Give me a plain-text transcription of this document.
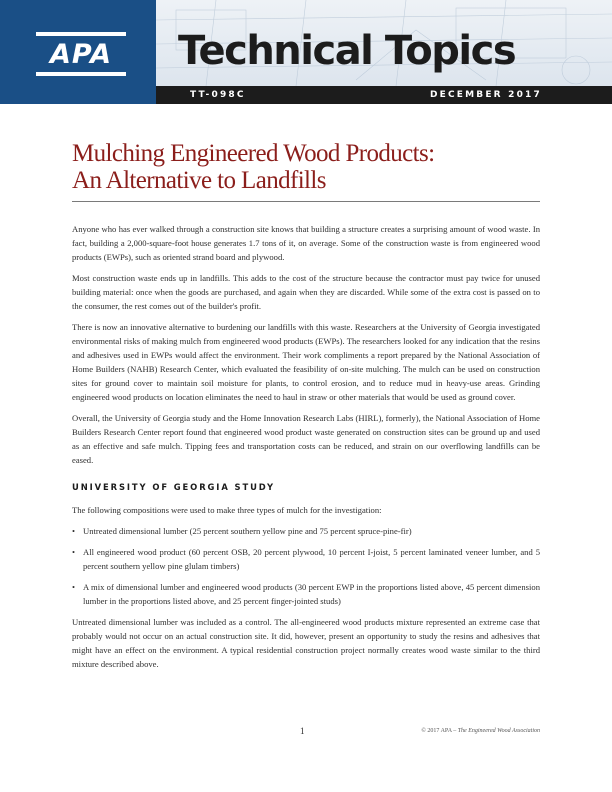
APA	Technical Topics
TT-098C	DECEMBER 2017
Mulching Engineered Wood Products:
An Alternative to Landfills

Anyone who has ever walked through a construction site knows that building a structure creates a surprising amount of wood waste. In fact, building a 2,000-square-foot house generates 1.7 tons of it, on average. Some of the construction waste is from engineered wood products (EWPs), such as oriented strand board and plywood.

Most construction waste ends up in landfills. This adds to the cost of the structure because the contractor must pay twice for unused building material: once when the goods are purchased, and again when they are discarded. While some of the extra cost is passed on to the consumer, the rest comes out of the builder's profit.

There is now an innovative alternative to burdening our landfills with this waste. Researchers at the University of Georgia investigated environmental risks of making mulch from engineered wood products (EWPs). The researchers looked for any indication that the resins and adhesives used in EWPs would affect the environment. Their work compliments a report prepared by the National Association of Home Builders (NAHB) Research Center, which evaluated the feasibility of on-site mulching. The mulch can be used on construction sites for ground cover to maintain soil moisture for plants, to control erosion, and to reduce mud in heavy-use areas. Grinding engineered wood products on location eliminates the need to haul in straw or other materials that would be used as ground cover.

Overall, the University of Georgia study and the Home Innovation Research Labs (HIRL), formerly), the National Association of Home Builders Research Center report found that engineered wood product waste generated on construction sites can be ground up and used as an effective and safe mulch. Tipping fees and transportation costs can be reduced, and strain on our overflowing landfills can be eased.

UNIVERSITY OF GEORGIA STUDY

The following compositions were used to make three types of mulch for the investigation:

• Untreated dimensional lumber (25 percent southern yellow pine and 75 percent spruce-pine-fir)
• All engineered wood product (60 percent OSB, 20 percent plywood, 10 percent I-joist, 5 percent laminated veneer lumber, and 5 percent southern yellow pine glulam timbers)
• A mix of dimensional lumber and engineered wood products (30 percent EWP in the proportions listed above, 45 percent dimension lumber in the proportions listed above, and 25 percent finger-jointed studs)

Untreated dimensional lumber was included as a control. The all-engineered wood products mixture represented an extreme case that probably would not occur on an actual construction site. It did, however, present an opportunity to study the resins and adhesives that might have an effect on the environment. A typical residential construction project normally creates wood waste similar to the third mixture described above.

1	© 2017 APA – The Engineered Wood Association
